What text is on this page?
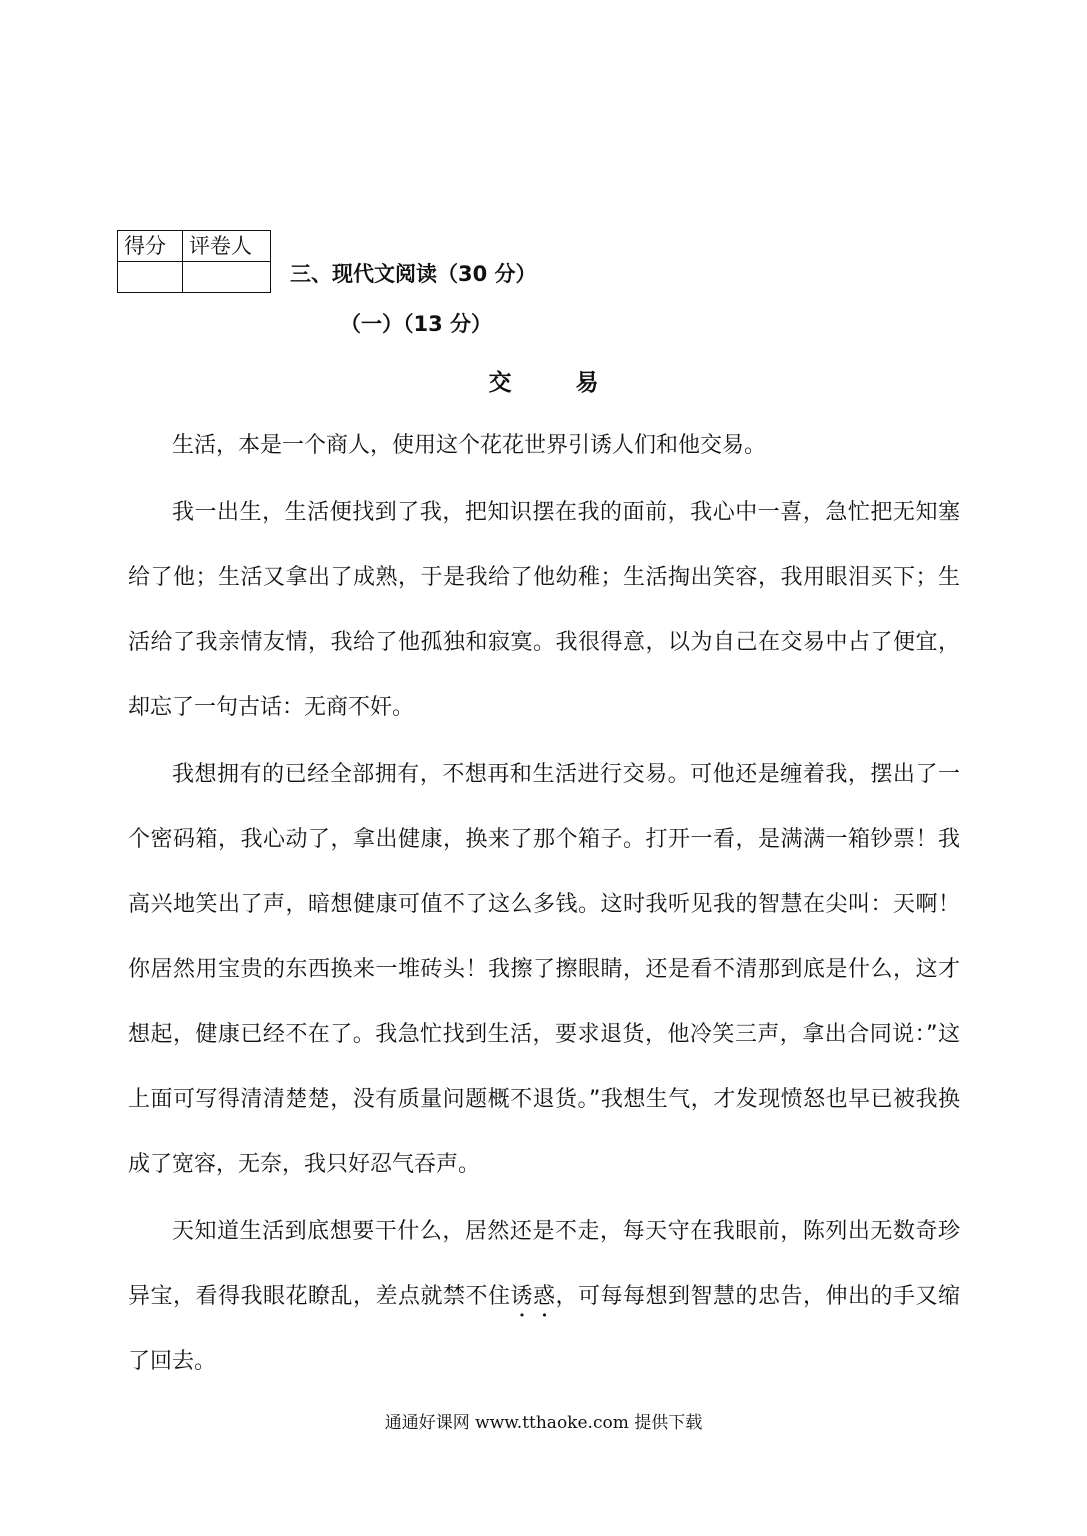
得分	评卷人

三、现代文阅读（30 分）
（一）（13 分）
交易

生活，本是一个商人，使用这个花花世界引诱人们和他交易。

我一出生，生活便找到了我，把知识摆在我的面前，我心中一喜，急忙把无知塞给了他；生活又拿出了成熟，于是我给了他幼稚；生活掏出笑容，我用眼泪买下；生活给了我亲情友情，我给了他孤独和寂寞。我很得意，以为自己在交易中占了便宜，却忘了一句古话：无商不奸。

我想拥有的已经全部拥有，不想再和生活进行交易。可他还是缠着我，摆出了一个密码箱，我心动了，拿出健康，换来了那个箱子。打开一看，是满满一箱钞票！我高兴地笑出了声，暗想健康可值不了这么多钱。这时我听见我的智慧在尖叫：天啊！你居然用宝贵的东西换来一堆砖头！我擦了擦眼睛，还是看不清那到底是什么，这才想起，健康已经不在了。我急忙找到生活，要求退货，他冷笑三声，拿出合同说：”这上面可写得清清楚楚，没有质量问题概不退货。”我想生气，才发现愤怒也早已被我换成了宽容，无奈，我只好忍气吞声。

天知道生活到底想要干什么，居然还是不走，每天守在我眼前，陈列出无数奇珍异宝，看得我眼花瞭乱，差点就禁不住诱惑，可每每想到智慧的忠告，伸出的手又缩了回去。

通通好课网 www.tthaoke.com 提供下载
